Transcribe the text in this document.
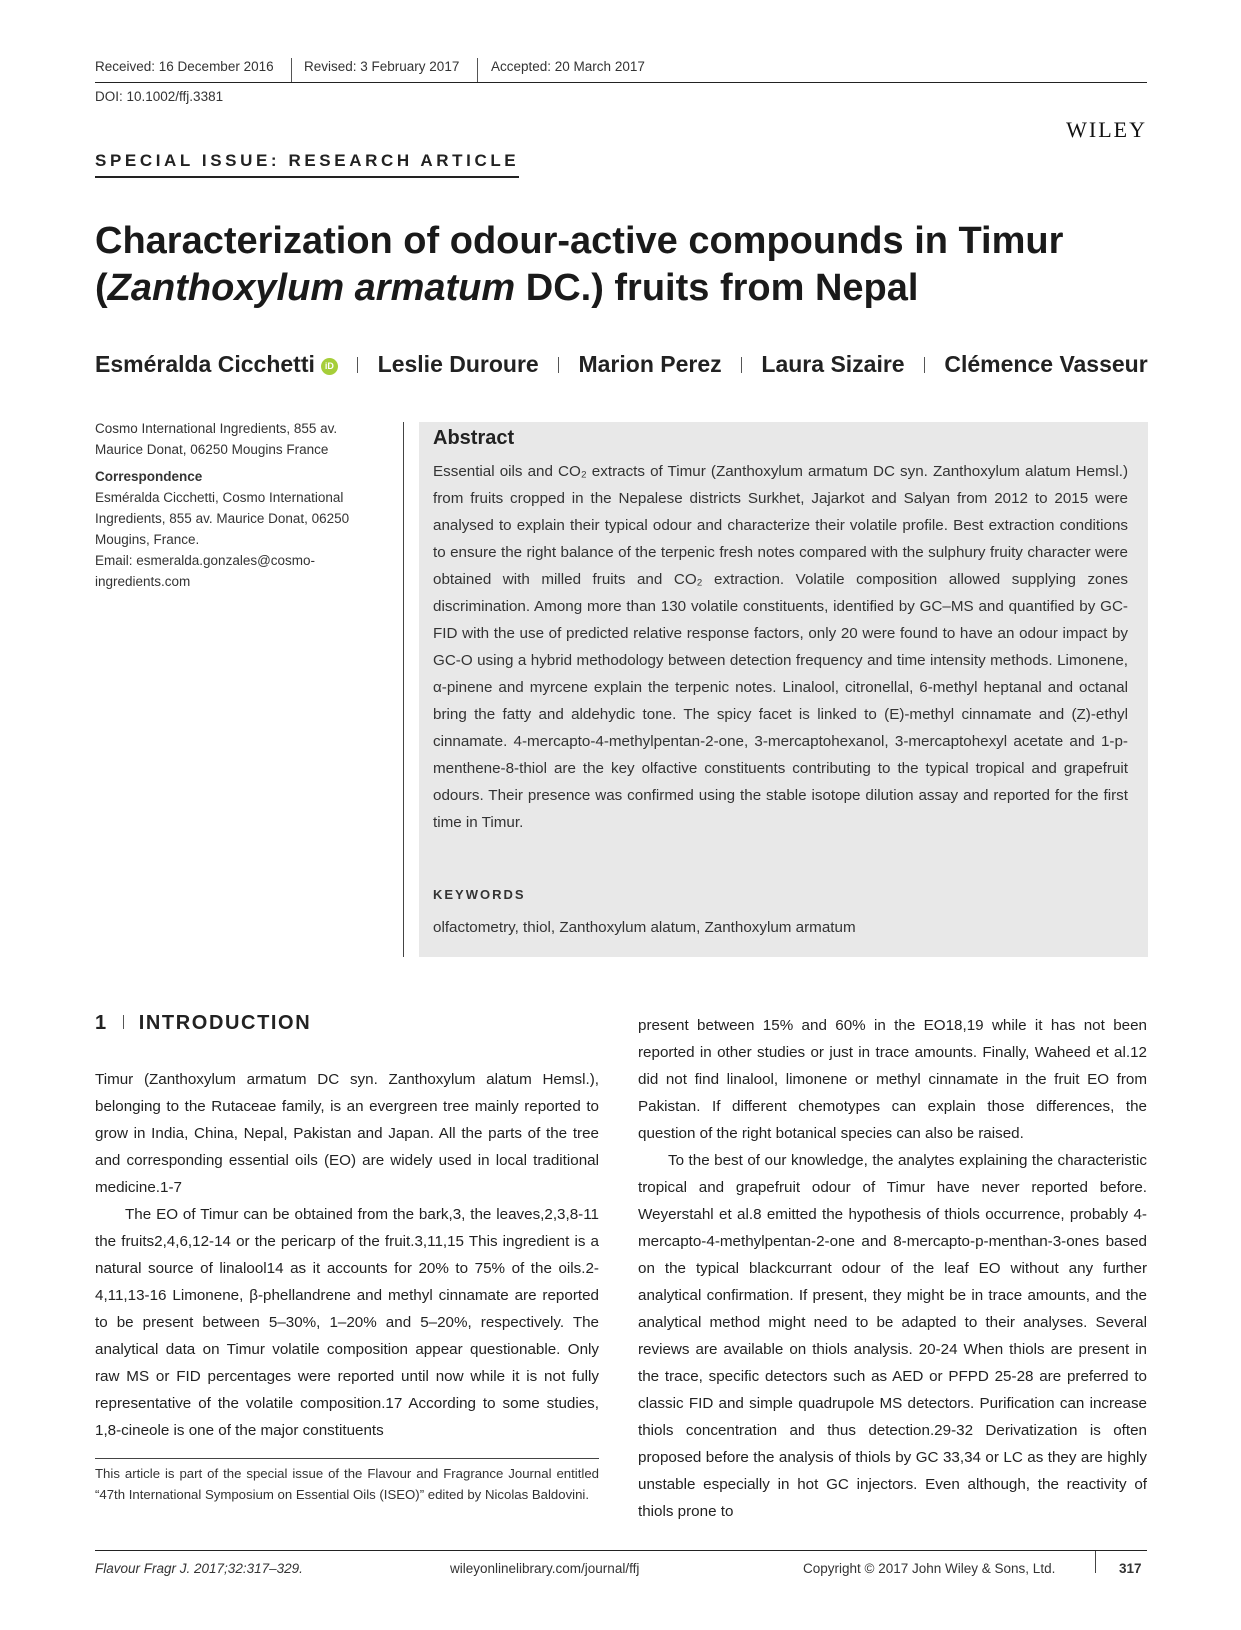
Received: 16 December 2016 Revised: 3 February 2017 Accepted: 20 March 2017
DOI: 10.1002/ffj.3381
WILEY
SPECIAL ISSUE: RESEARCH ARTICLE
Characterization of odour-active compounds in Timur
(Zanthoxylum armatum DC.) fruits from Nepal
Esméralda Cicchetti iD Leslie Duroure Marion Perez Laura Sizaire Clémence Vasseur

Cosmo International Ingredients, 855 av. Maurice Donat, 06250 Mougins France

Correspondence

Esméralda Cicchetti, Cosmo International Ingredients, 855 av. Maurice Donat, 06250 Mougins, France.

Email: esmeralda.gonzales@cosmo-ingredients.com

Abstract

Essential oils and CO₂ extracts of Timur (Zanthoxylum armatum DC syn. Zanthoxylum alatum Hemsl.) from fruits cropped in the Nepalese districts Surkhet, Jajarkot and Salyan from 2012 to 2015 were analysed to explain their typical odour and characterize their volatile profile. Best extraction conditions to ensure the right balance of the terpenic fresh notes compared with the sulphury fruity character were obtained with milled fruits and CO₂ extraction. Volatile composition allowed supplying zones discrimination. Among more than 130 volatile constituents, identified by GC–MS and quantified by GC-FID with the use of predicted relative response factors, only 20 were found to have an odour impact by GC-O using a hybrid methodology between detection frequency and time intensity methods. Limonene, α-pinene and myrcene explain the terpenic notes. Linalool, citronellal, 6-methyl heptanal and octanal bring the fatty and aldehydic tone. The spicy facet is linked to (E)-methyl cinnamate and (Z)-ethyl cinnamate. 4-mercapto-4-methylpentan-2-one, 3-mercaptohexanol, 3-mercaptohexyl acetate and 1-p-menthene-8-thiol are the key olfactive constituents contributing to the typical tropical and grapefruit odours. Their presence was confirmed using the stable isotope dilution assay and reported for the first time in Timur.

KEYWORDS
olfactometry, thiol, Zanthoxylum alatum, Zanthoxylum armatum
1 INTRODUCTION

Timur (Zanthoxylum armatum DC syn. Zanthoxylum alatum Hemsl.), belonging to the Rutaceae family, is an evergreen tree mainly reported to grow in India, China, Nepal, Pakistan and Japan. All the parts of the tree and corresponding essential oils (EO) are widely used in local traditional medicine.1-7

The EO of Timur can be obtained from the bark,3, the leaves,2,3,8-11 the fruits2,4,6,12-14 or the pericarp of the fruit.3,11,15 This ingredient is a natural source of linalool14 as it accounts for 20% to 75% of the oils.2-4,11,13-16 Limonene, β-phellandrene and methyl cinnamate are reported to be present between 5–30%, 1–20% and 5–20%, respectively. The analytical data on Timur volatile composition appear questionable. Only raw MS or FID percentages were reported until now while it is not fully representative of the volatile composition.17 According to some studies, 1,8-cineole is one of the major constituents

present between 15% and 60% in the EO18,19 while it has not been reported in other studies or just in trace amounts. Finally, Waheed et al.12 did not find linalool, limonene or methyl cinnamate in the fruit EO from Pakistan. If different chemotypes can explain those differences, the question of the right botanical species can also be raised.

To the best of our knowledge, the analytes explaining the characteristic tropical and grapefruit odour of Timur have never reported before. Weyerstahl et al.8 emitted the hypothesis of thiols occurrence, probably 4-mercapto-4-methylpentan-2-one and 8-mercapto-p-menthan-3-ones based on the typical blackcurrant odour of the leaf EO without any further analytical confirmation. If present, they might be in trace amounts, and the analytical method might need to be adapted to their analyses. Several reviews are available on thiols analysis. 20-24 When thiols are present in the trace, specific detectors such as AED or PFPD 25-28 are preferred to classic FID and simple quadrupole MS detectors. Purification can increase thiols concentration and thus detection.29-32 Derivatization is often proposed before the analysis of thiols by GC 33,34 or LC as they are highly unstable especially in hot GC injectors. Even although, the reactivity of thiols prone to

This article is part of the special issue of the Flavour and Fragrance Journal entitled “47th International Symposium on Essential Oils (ISEO)” edited by Nicolas Baldovini.

Flavour Fragr J. 2017;32:317–329.	wileyonlinelibrary.com/journal/ffj	Copyright © 2017 John Wiley & Sons, Ltd.	317
